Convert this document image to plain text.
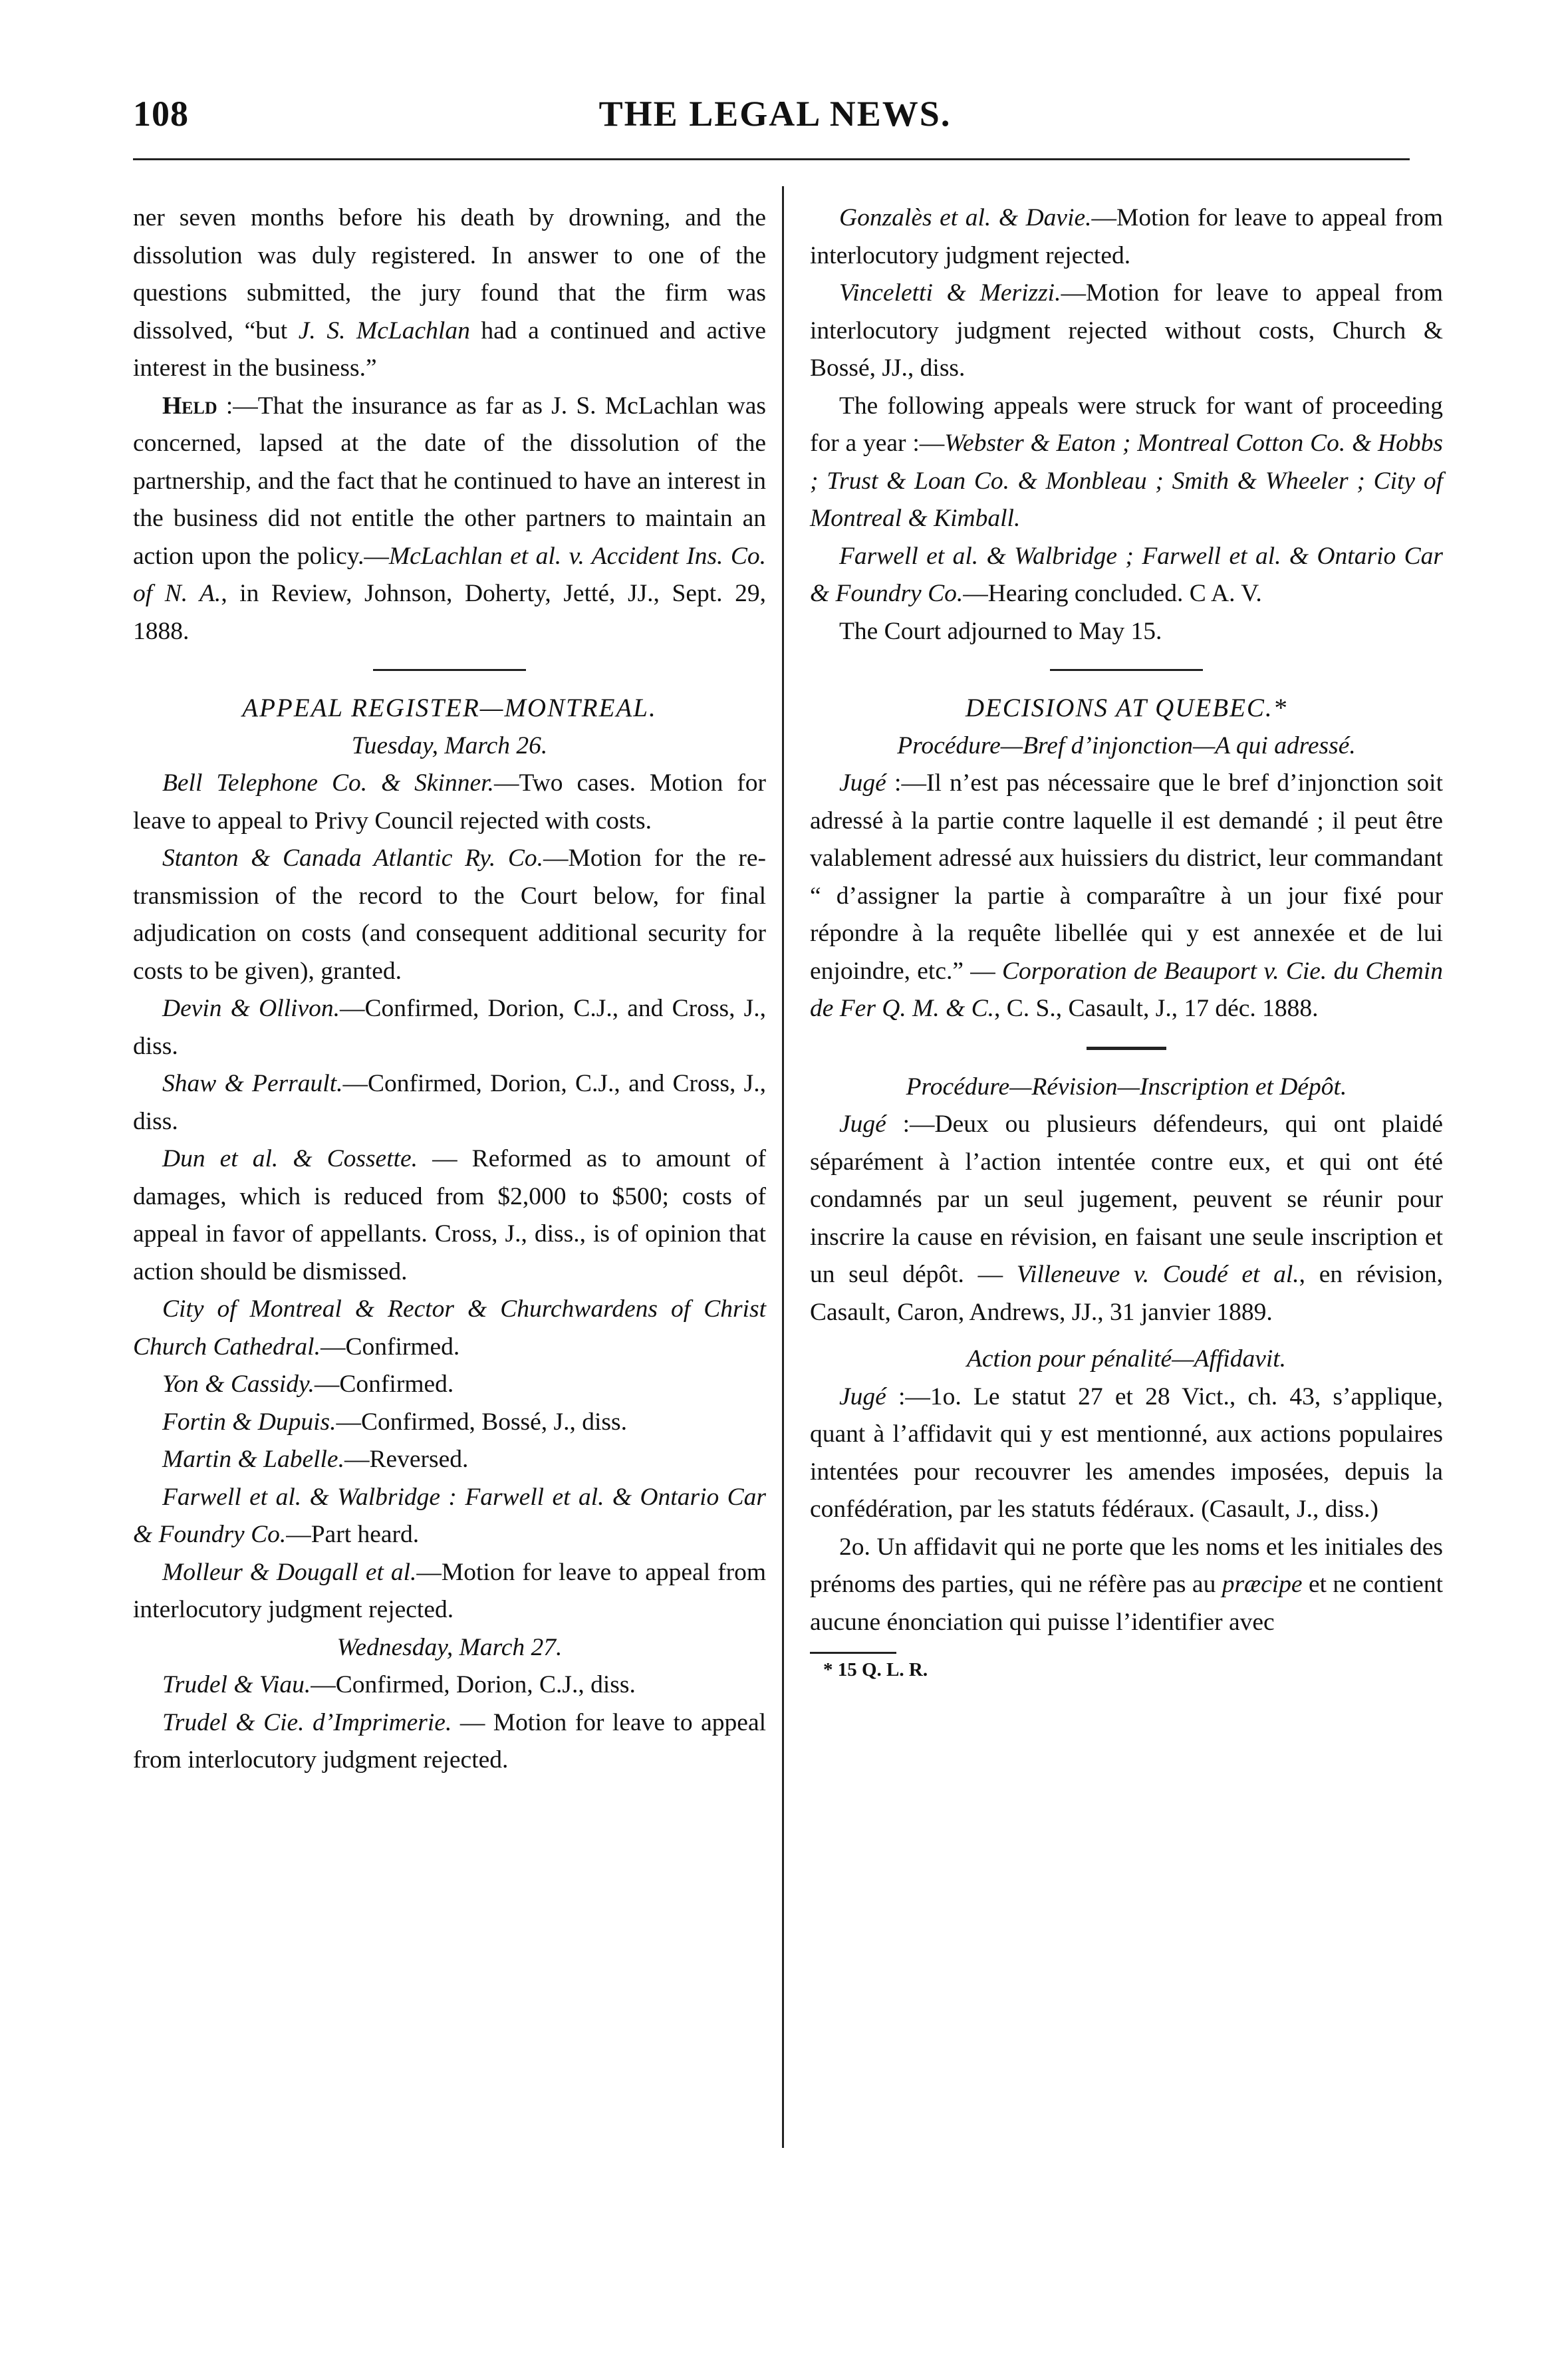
108	THE LEGAL NEWS.

ner seven months before his death by drowning, and the dissolution was duly registered. In answer to one of the questions submitted, the jury found that the firm was dissolved, “but J. S. McLachlan had a continued and active interest in the business.”

Held :—That the insurance as far as J. S. McLachlan was concerned, lapsed at the date of the dissolution of the partnership, and the fact that he continued to have an interest in the business did not entitle the other partners to maintain an action upon the policy.—McLachlan et al. v. Accident Ins. Co. of N. A., in Review, Johnson, Doherty, Jetté, JJ., Sept. 29, 1888.

APPEAL REGISTER—MONTREAL.

Tuesday, March 26.

Bell Telephone Co. & Skinner.—Two cases. Motion for leave to appeal to Privy Council rejected with costs.

Stanton & Canada Atlantic Ry. Co.—Motion for the re-transmission of the record to the Court below, for final adjudication on costs (and consequent additional security for costs to be given), granted.

Devin & Ollivon.—Confirmed, Dorion, C.J., and Cross, J., diss.

Shaw & Perrault.—Confirmed, Dorion, C.J., and Cross, J., diss.

Dun et al. & Cossette. — Reformed as to amount of damages, which is reduced from $2,000 to $500; costs of appeal in favor of appellants. Cross, J., diss., is of opinion that action should be dismissed.

City of Montreal & Rector & Churchwardens of Christ Church Cathedral.—Confirmed.

Yon & Cassidy.—Confirmed.

Fortin & Dupuis.—Confirmed, Bossé, J., diss.

Martin & Labelle.—Reversed.

Farwell et al. & Walbridge : Farwell et al. & Ontario Car & Foundry Co.—Part heard.

Molleur & Dougall et al.—Motion for leave to appeal from interlocutory judgment rejected.

Wednesday, March 27.

Trudel & Viau.—Confirmed, Dorion, C.J., diss.

Trudel & Cie. d’Imprimerie. — Motion for leave to appeal from interlocutory judgment rejected.

Gonzalès et al. & Davie.—Motion for leave to appeal from interlocutory judgment rejected.

Vinceletti & Merizzi.—Motion for leave to appeal from interlocutory judgment rejected without costs, Church & Bossé, JJ., diss.

The following appeals were struck for want of proceeding for a year :—Webster & Eaton ; Montreal Cotton Co. & Hobbs ; Trust & Loan Co. & Monbleau ; Smith & Wheeler ; City of Montreal & Kimball.

Farwell et al. & Walbridge ; Farwell et al. & Ontario Car & Foundry Co.—Hearing concluded. C A. V.

The Court adjourned to May 15.

DECISIONS AT QUEBEC.*

Procédure—Bref d’injonction—A qui adressé.

Jugé :—Il n’est pas nécessaire que le bref d’injonction soit adressé à la partie contre laquelle il est demandé ; il peut être valablement adressé aux huissiers du district, leur commandant “ d’assigner la partie à comparaître à un jour fixé pour répondre à la requête libellée qui y est annexée et de lui enjoindre, etc.” — Corporation de Beauport v. Cie. du Chemin de Fer Q. M. & C., C. S., Casault, J., 17 déc. 1888.

Procédure—Révision—Inscription et Dépôt.

Jugé :—Deux ou plusieurs défendeurs, qui ont plaidé séparément à l’action intentée contre eux, et qui ont été condamnés par un seul jugement, peuvent se réunir pour inscrire la cause en révision, en faisant une seule inscription et un seul dépôt. — Villeneuve v. Coudé et al., en révision, Casault, Caron, Andrews, JJ., 31 janvier 1889.

Action pour pénalité—Affidavit.

Jugé :—1o. Le statut 27 et 28 Vict., ch. 43, s’applique, quant à l’affidavit qui y est mentionné, aux actions populaires intentées pour recouvrer les amendes imposées, depuis la confédération, par les statuts fédéraux. (Casault, J., diss.)

2o. Un affidavit qui ne porte que les noms et les initiales des prénoms des parties, qui ne réfère pas au præcipe et ne contient aucune énonciation qui puisse l’identifier avec

* 15 Q. L. R.
